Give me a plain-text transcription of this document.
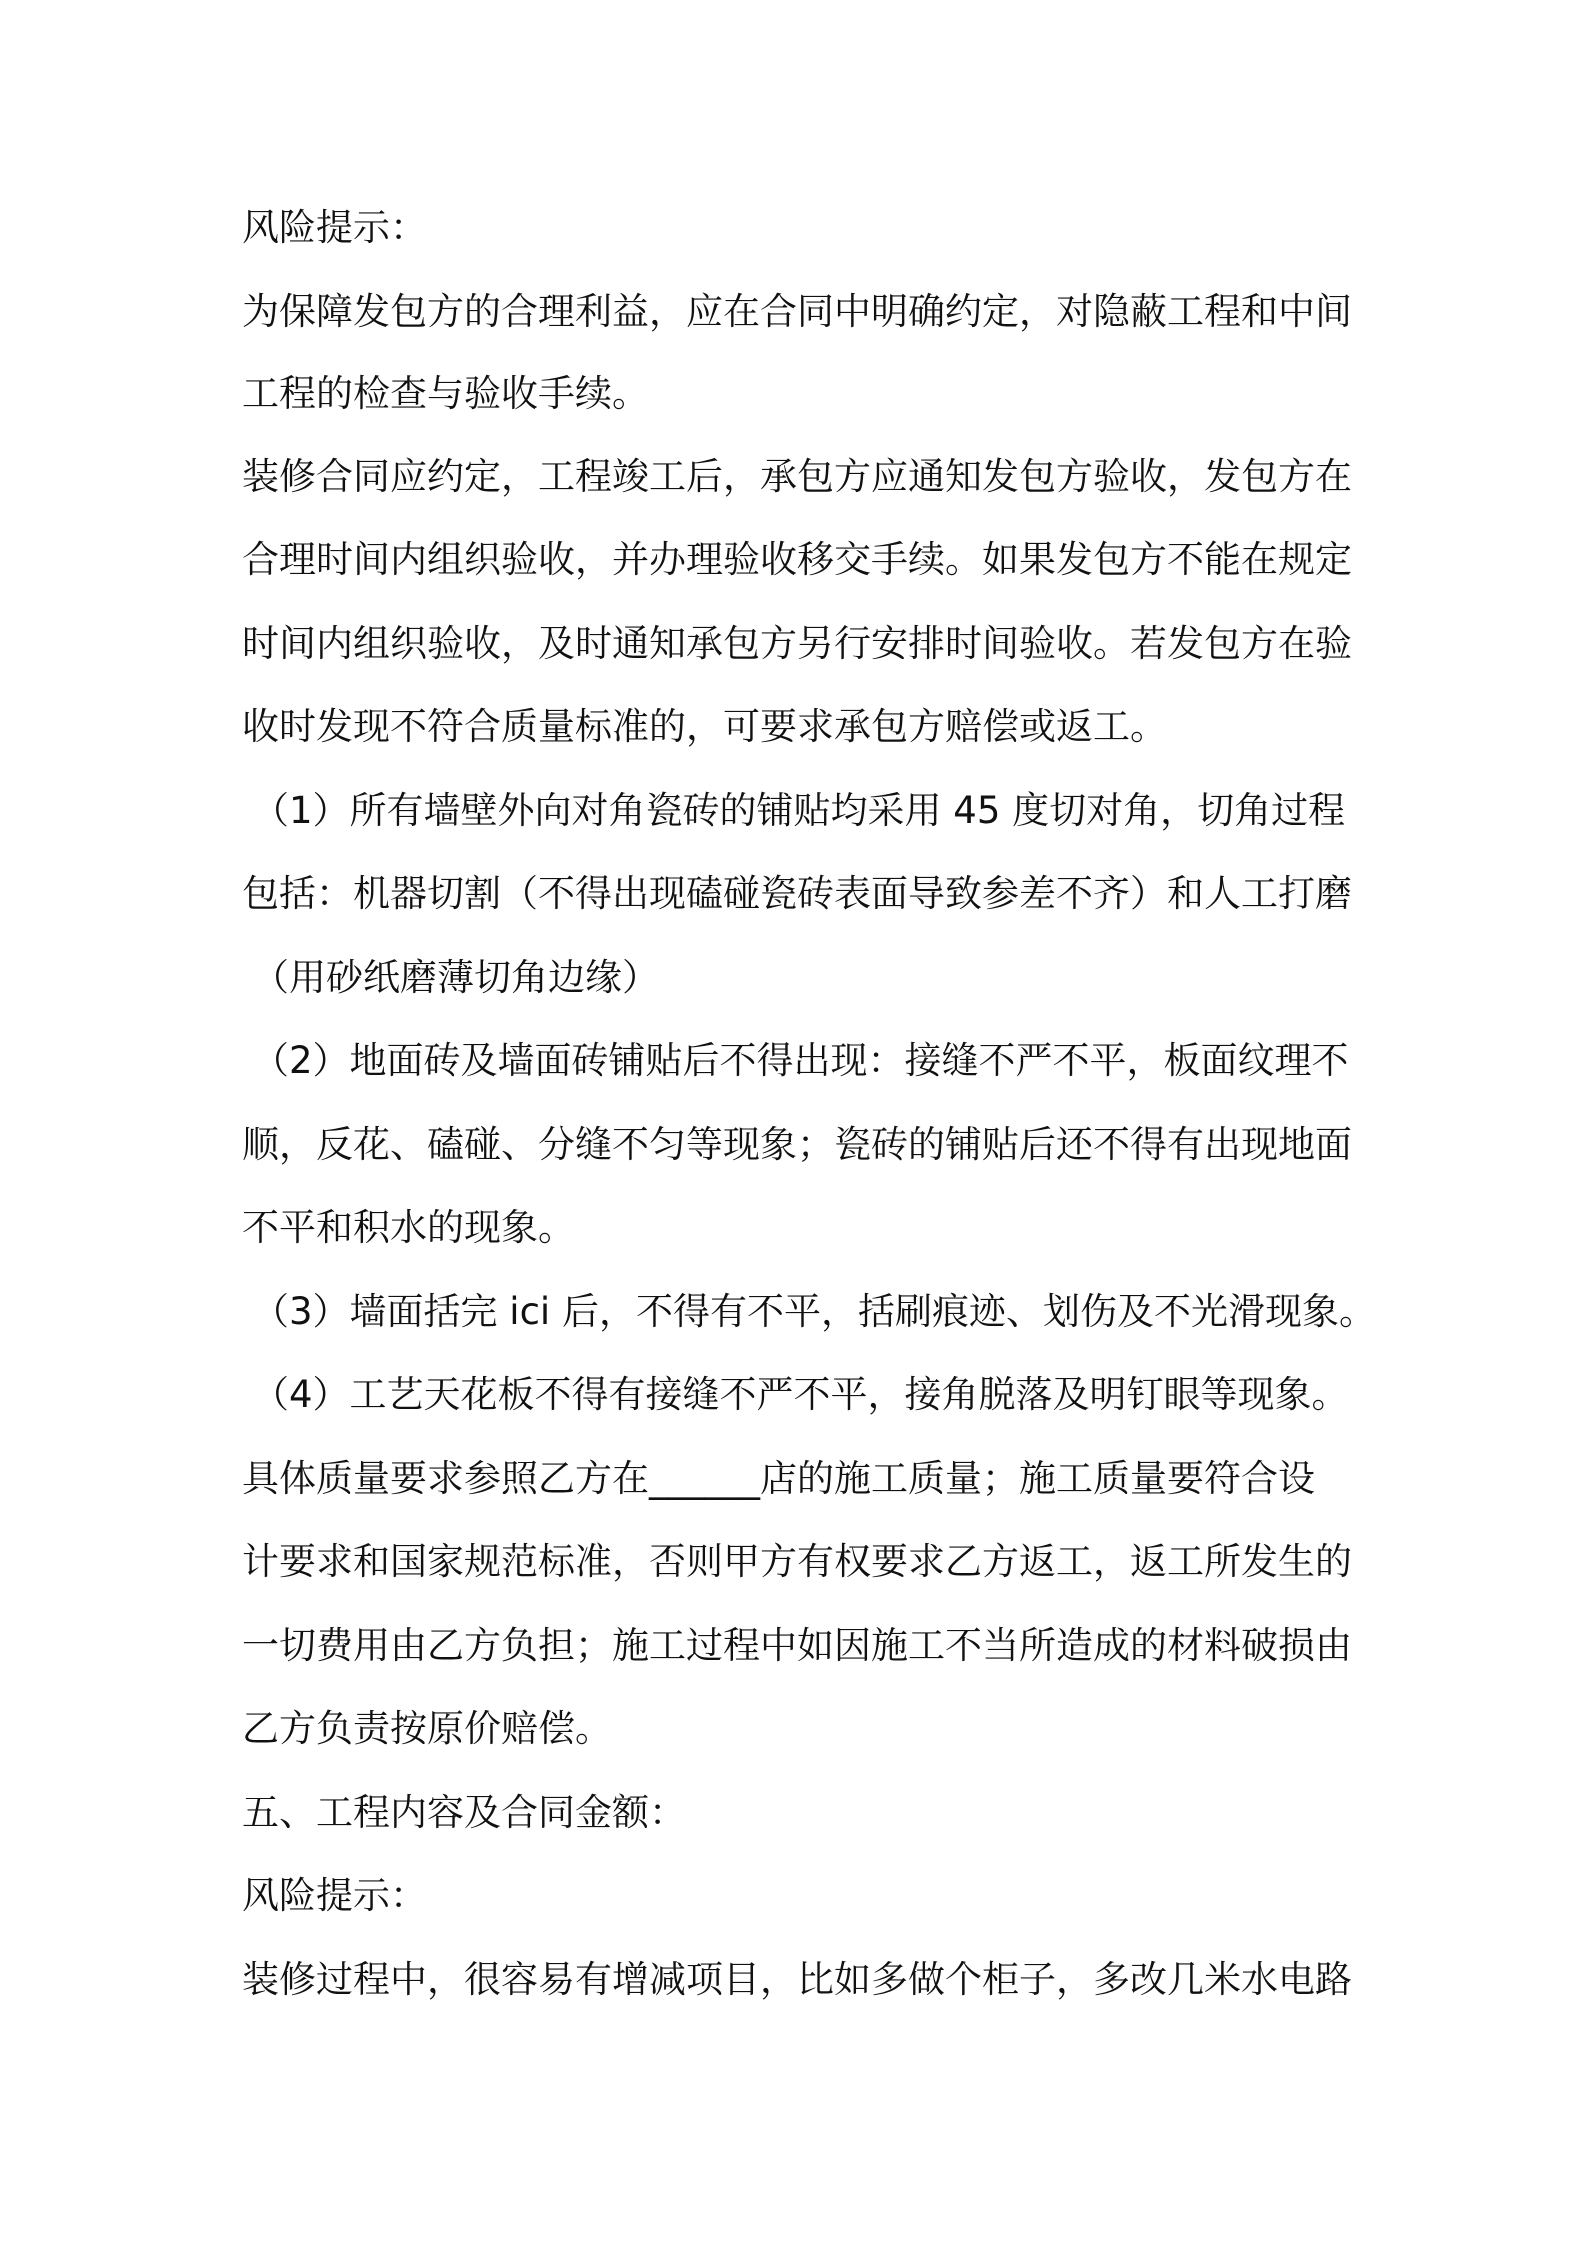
风险提示：
为保障发包方的合理利益，应在合同中明确约定，对隐蔽工程和中间
工程的检查与验收手续。
装修合同应约定，工程竣工后，承包方应通知发包方验收，发包方在
合理时间内组织验收，并办理验收移交手续。如果发包方不能在规定
时间内组织验收，及时通知承包方另行安排时间验收。若发包方在验
收时发现不符合质量标准的，可要求承包方赔偿或返工。
（1）所有墙壁外向对角瓷砖的铺贴均采用 45 度切对角，切角过程
包括：机器切割（不得出现磕碰瓷砖表面导致参差不齐）和人工打磨
（用砂纸磨薄切角边缘）
（2）地面砖及墙面砖铺贴后不得出现：接缝不严不平，板面纹理不
顺，反花、磕碰、分缝不匀等现象；瓷砖的铺贴后还不得有出现地面
不平和积水的现象。
（3）墙面括完 ici 后，不得有不平，括刷痕迹、划伤及不光滑现象。
（4）工艺天花板不得有接缝不严不平，接角脱落及明钉眼等现象。
具体质量要求参照乙方在______店的施工质量；施工质量要符合设
计要求和国家规范标准，否则甲方有权要求乙方返工，返工所发生的
一切费用由乙方负担；施工过程中如因施工不当所造成的材料破损由
乙方负责按原价赔偿。
五、工程内容及合同金额：
风险提示：
装修过程中，很容易有增减项目，比如多做个柜子，多改几米水电路
